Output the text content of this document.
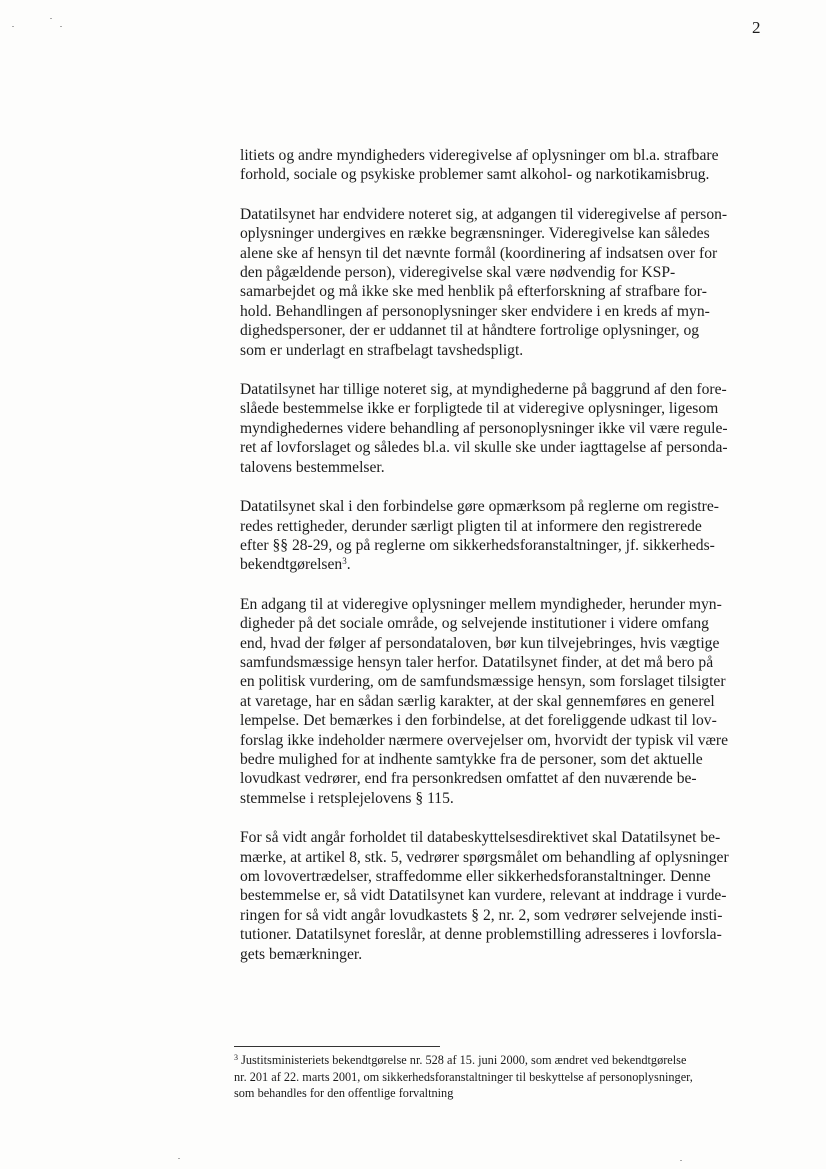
2

litiets og andre myndigheders videregivelse af oplysninger om bl.a. strafbare
forhold, sociale og psykiske problemer samt alkohol- og narkotikamisbrug.

Datatilsynet har endvidere noteret sig, at adgangen til videregivelse af person-
oplysninger undergives en række begrænsninger. Videregivelse kan således
alene ske af hensyn til det nævnte formål (koordinering af indsatsen over for
den pågældende person), videregivelse skal være nødvendig for KSP-
samarbejdet og må ikke ske med henblik på efterforskning af strafbare for-
hold. Behandlingen af personoplysninger sker endvidere i en kreds af myn-
dighedspersoner, der er uddannet til at håndtere fortrolige oplysninger, og
som er underlagt en strafbelagt tavshedspligt.

Datatilsynet har tillige noteret sig, at myndighederne på baggrund af den fore-
slåede bestemmelse ikke er forpligtede til at videregive oplysninger, ligesom
myndighedernes videre behandling af personoplysninger ikke vil være regule-
ret af lovforslaget og således bl.a. vil skulle ske under iagttagelse af personda-
talovens bestemmelser.

Datatilsynet skal i den forbindelse gøre opmærksom på reglerne om registre-
redes rettigheder, derunder særligt pligten til at informere den registrerede
efter §§ 28-29, og på reglerne om sikkerhedsforanstaltninger, jf. sikkerheds-
bekendtgørelsen$^3$.

En adgang til at videregive oplysninger mellem myndigheder, herunder myn-
digheder på det sociale område, og selvejende institutioner i videre omfang
end, hvad der følger af persondataloven, bør kun tilvejebringes, hvis vægtige
samfundsmæssige hensyn taler herfor. Datatilsynet finder, at det må bero på
en politisk vurdering, om de samfundsmæssige hensyn, som forslaget tilsigter
at varetage, har en sådan særlig karakter, at der skal gennemføres en generel
lempelse. Det bemærkes i den forbindelse, at det foreliggende udkast til lov-
forslag ikke indeholder nærmere overvejelser om, hvorvidt der typisk vil være
bedre mulighed for at indhente samtykke fra de personer, som det aktuelle
lovudkast vedrører, end fra personkredsen omfattet af den nuværende be-
stemmelse i retsplejelovens § 115.

For så vidt angår forholdet til databeskyttelsesdirektivet skal Datatilsynet be-
mærke, at artikel 8, stk. 5, vedrører spørgsmålet om behandling af oplysninger
om lovovertrædelser, straffedomme eller sikkerhedsforanstaltninger. Denne
bestemmelse er, så vidt Datatilsynet kan vurdere, relevant at inddrage i vurde-
ringen for så vidt angår lovudkastets § 2, nr. 2, som vedrører selvejende insti-
tutioner. Datatilsynet foreslår, at denne problemstilling adresseres i lovforsla-
gets bemærkninger.

$^3$ Justitsministeriets bekendtgørelse nr. 528 af 15. juni 2000, som ændret ved bekendtgørelse
nr. 201 af 22. marts 2001, om sikkerhedsforanstaltninger til beskyttelse af personoplysninger,
som behandles for den offentlige forvaltning
